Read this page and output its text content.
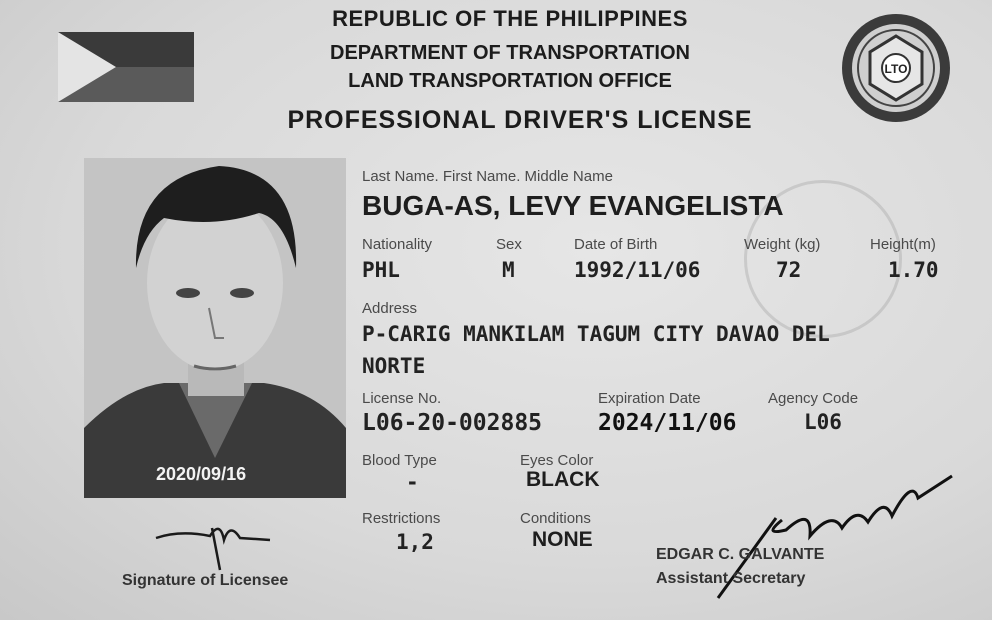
REPUBLIC OF THE PHILIPPINES
DEPARTMENT OF TRANSPORTATION
LAND TRANSPORTATION OFFICE
PROFESSIONAL DRIVER'S LICENSE
LTO
2020/09/16
Last Name. First Name. Middle Name
BUGA-AS, LEVY EVANGELISTA
Nationality
PHL
Sex
M
Date of Birth
1992/11/06
Weight (kg)
72
Height(m)
1.70
Address
P-CARIG MANKILAM TAGUM CITY DAVAO DEL
NORTE
License No.
L06-20-002885
Expiration Date
2024/11/06
Agency Code
L06
Blood Type
-
Eyes Color
BLACK
Restrictions
1,2
Conditions
NONE
Signature of Licensee
EDGAR C. GALVANTE
Assistant Secretary
